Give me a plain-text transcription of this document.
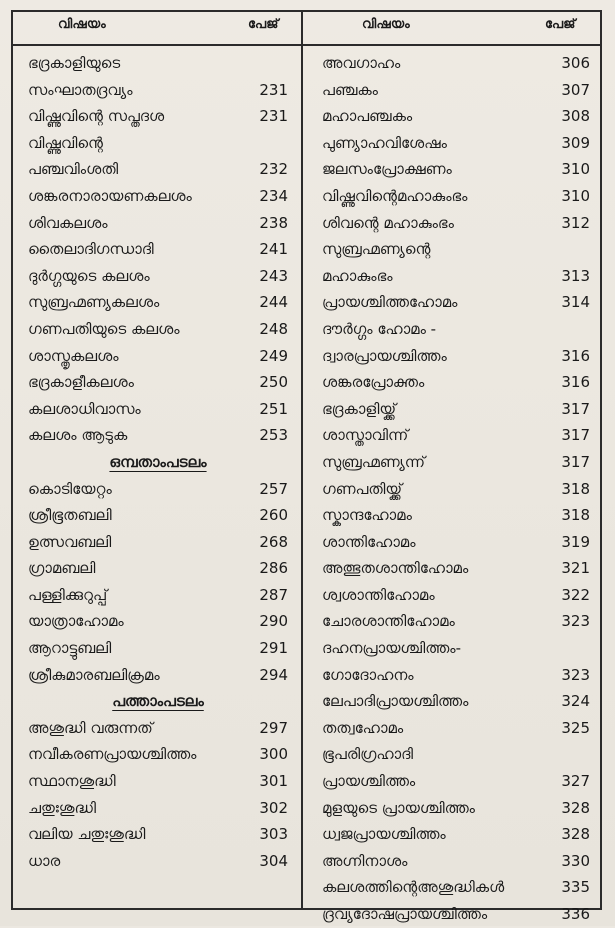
വിഷയം	പേജ്	വിഷയം	പേജ്
ഭദ്രകാളിയുടെ
സംഘാതദ്രവ്യം	231
വിഷ്ണുവിന്റെ സപ്തദശ	231
വിഷ്ണുവിന്റെ
പഞ്ചവിംശതി	232
ശങ്കരനാരായണകലശം	234
ശിവകലശം	238
തൈലാദിഗന്ധാദി	241
ദുർഗ്ഗയുടെ കലശം	243
സുബ്രഹ്മണ്യകലശം	244
ഗണപതിയുടെ കലശം	248
ശാസ്തൃകലശം	249
ഭദ്രകാളീകലശം	250
കലശാധിവാസം	251
കലശം ആടുക	253
ഒമ്പതാംപടലം
കൊടിയേറ്റം	257
ശ്രീഭൂതബലി	260
ഉത്സവബലി	268
ഗ്രാമബലി	286
പള്ളിക്കുറുപ്പ്	287
യാത്രാഹോമം	290
ആറാട്ടുബലി	291
ശ്രീകുമാരബലിക്രമം	294
പത്താംപടലം
അശുദ്ധി വരുന്നത്	297
നവീകരണപ്രായശ്ചിത്തം	300
സ്ഥാനശുദ്ധി	301
ചതുഃശുദ്ധി	302
വലിയ ചതുഃശുദ്ധി	303
ധാര	304
അവഗാഹം	306
പഞ്ചകം	307
മഹാപഞ്ചകം	308
പുണ്യാഹവിശേഷം	309
ജലസംപ്രോക്ഷണം	310
വിഷ്ണുവിന്റെമഹാകുംഭം	310
ശിവന്റെ മഹാകുംഭം	312
സുബ്രഹ്മണ്യന്റെ
മഹാകുംഭം	313
പ്രായശ്ചിത്തഹോമം	314
ദൗർഗ്ഗം ഹോമം -
ദ്വാരപ്രായശ്ചിത്തം	316
ശങ്കരപ്രോക്തം	316
ഭദ്രകാളിയ്ക്ക്	317
ശാസ്താവിന്ന്	317
സുബ്രഹ്മണ്യന്ന്	317
ഗണപതിയ്ക്ക്	318
സ്കാന്ദഹോമം	318
ശാന്തിഹോമം	319
അത്ഭുതശാന്തിഹോമം	321
ശ്വശാന്തിഹോമം	322
ചോരശാന്തിഹോമം	323
ദഹനപ്രായശ്ചിത്തം-
ഗോദോഹനം	323
ലേപാദിപ്രായശ്ചിത്തം	324
തത്വഹോമം	325
ഭൂപരിഗ്രഹാദി
പ്രായശ്ചിത്തം	327
മുളയുടെ പ്രായശ്ചിത്തം	328
ധ്വജപ്രായശ്ചിത്തം	328
അഗ്നിനാശം	330
കലശത്തിന്റെഅശുദ്ധികൾ	335
ദ്രവ്യദോഷപ്രായശ്ചിത്തം	336
